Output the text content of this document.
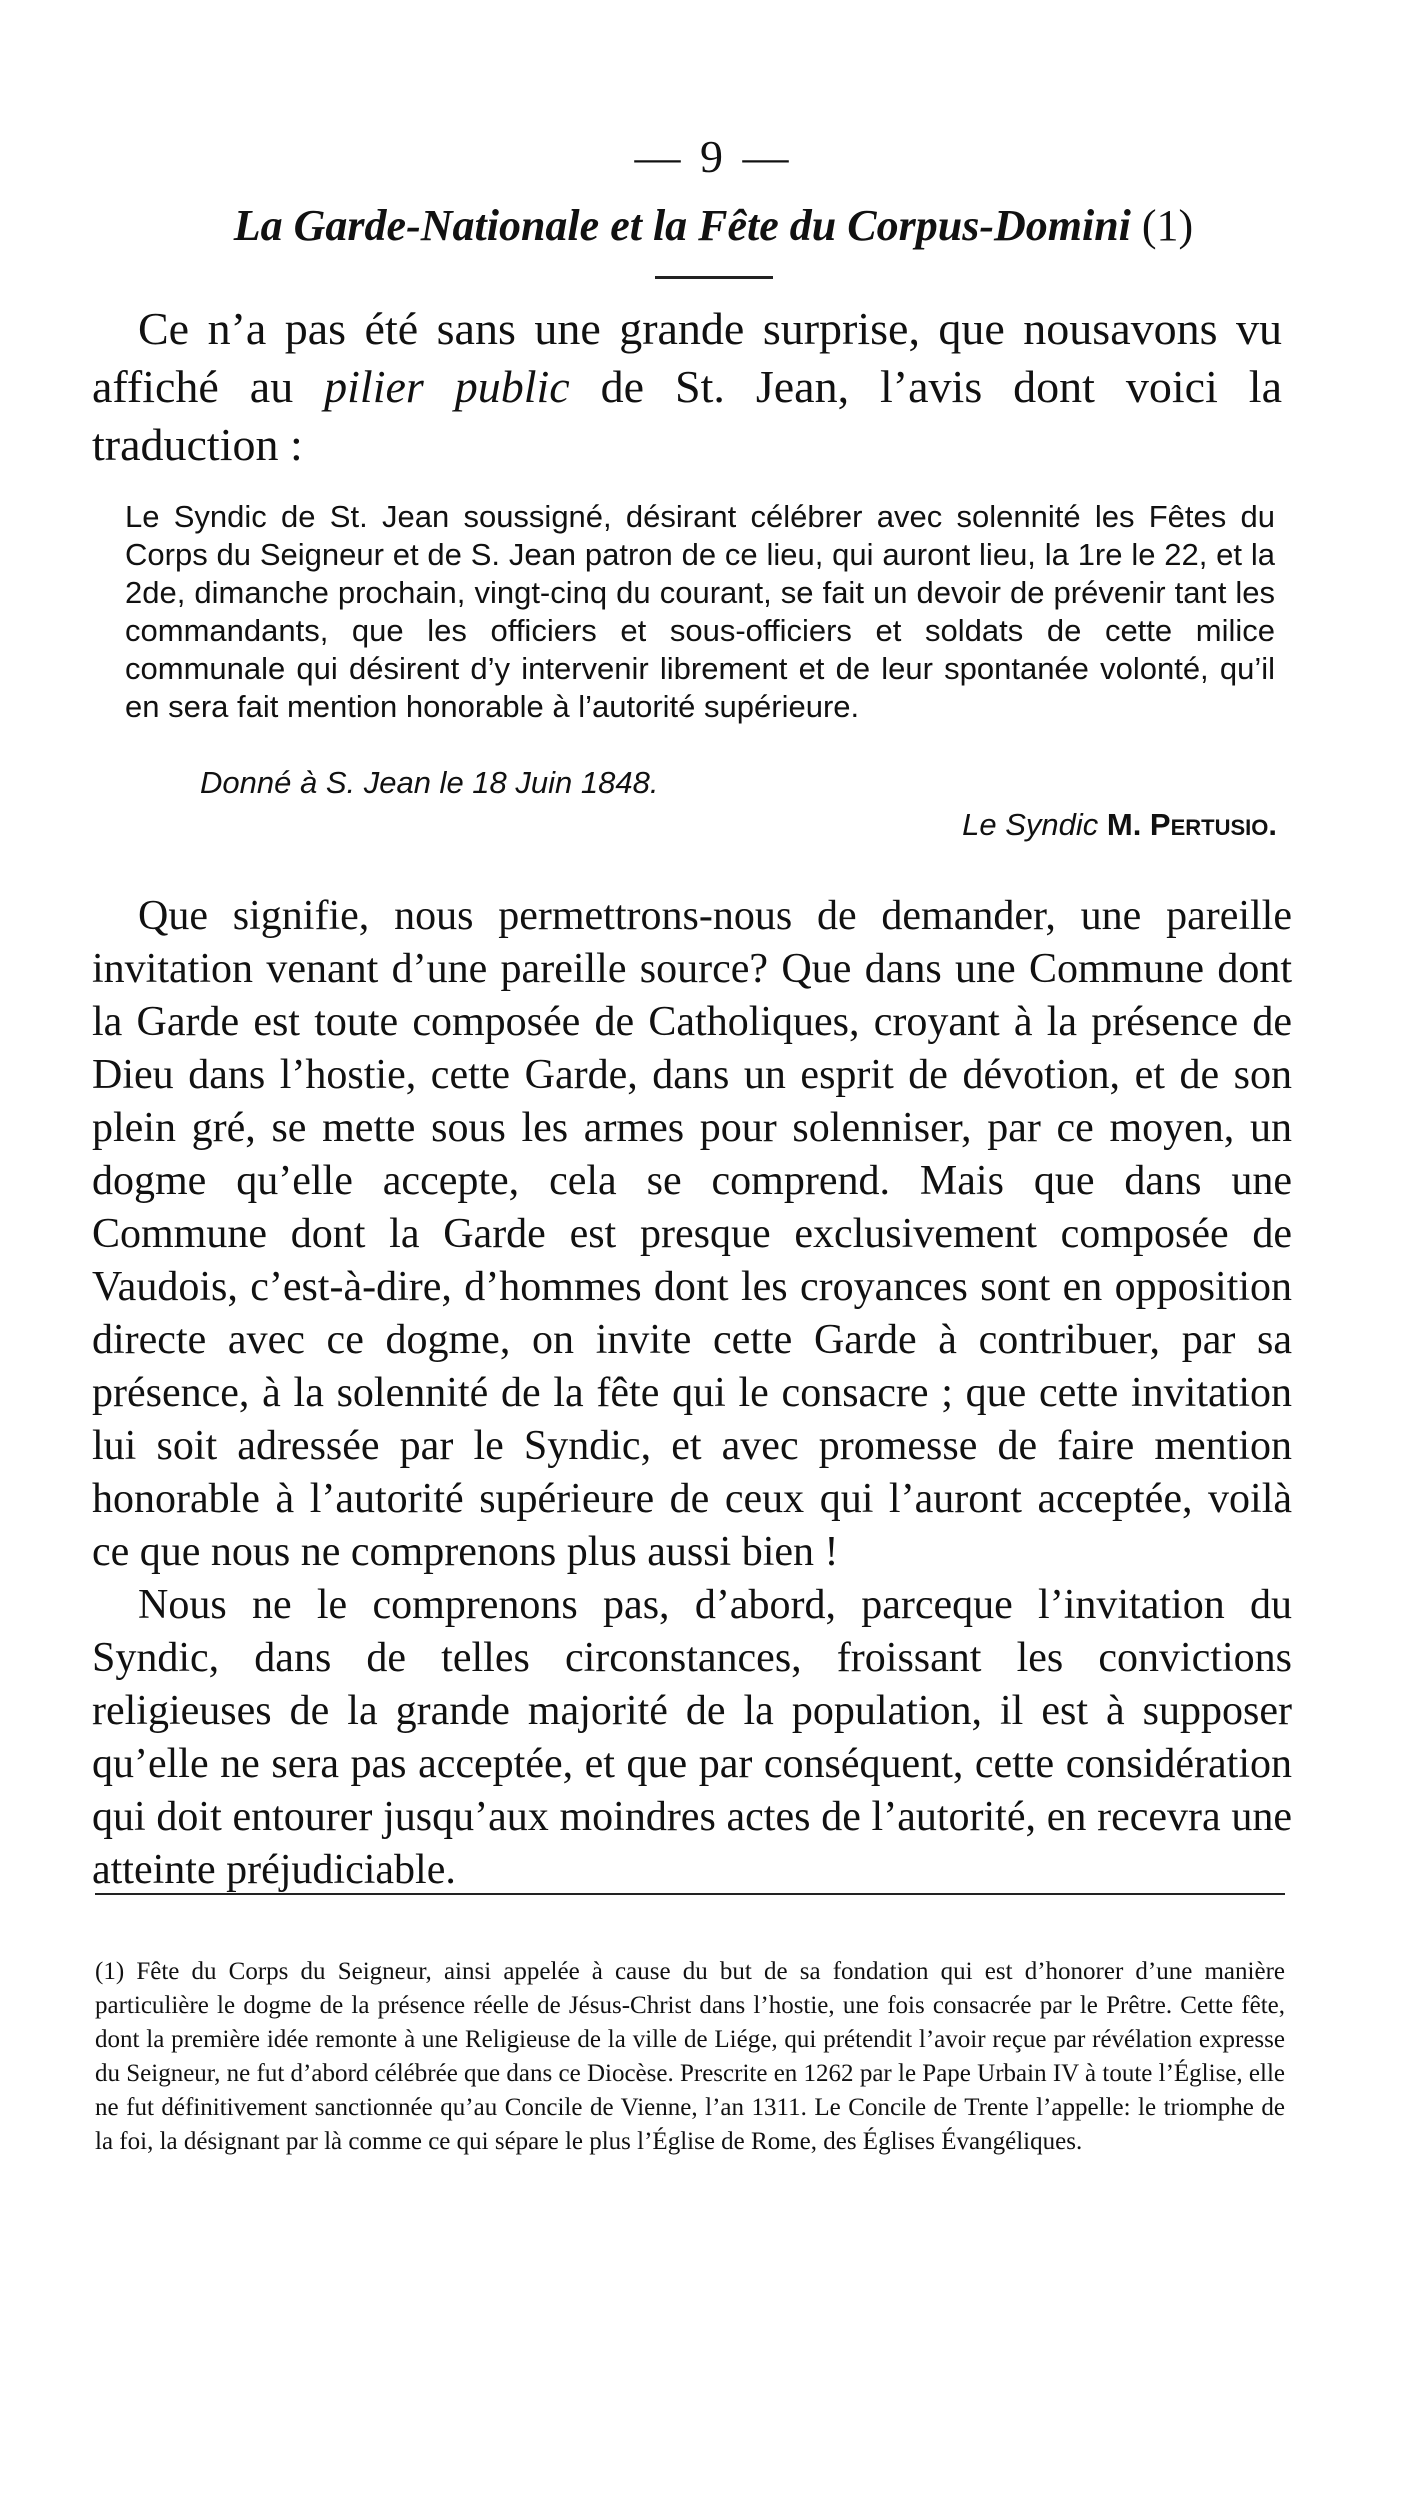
— 9 —
La Garde-Nationale et la Fête du Corpus-Domini (1)

Ce n’a pas été sans une grande surprise, que nousavons vu affiché au pilier public de St. Jean, l’avis dont voici la traduction :

Le Syndic de St. Jean soussigné, désirant célébrer avec solennité les Fêtes du Corps du Seigneur et de S. Jean patron de ce lieu, qui auront lieu, la 1re le 22, et la 2de, dimanche prochain, vingt-cinq du courant, se fait un devoir de prévenir tant les commandants, que les officiers et sous-officiers et soldats de cette milice communale qui désirent d’y intervenir librement et de leur spontanée volonté, qu’il en sera fait mention honorable à l’autorité supérieure.

Donné à S. Jean le 18 Juin 1848.
Le Syndic M. Pertusio.

Que signifie, nous permettrons-nous de demander, une pareille invitation venant d’une pareille source? Que dans une Commune dont la Garde est toute composée de Catholiques, croyant à la présence de Dieu dans l’hostie, cette Garde, dans un esprit de dévotion, et de son plein gré, se mette sous les armes pour solenniser, par ce moyen, un dogme qu’elle accepte, cela se comprend. Mais que dans une Commune dont la Garde est presque exclusivement composée de Vaudois, c’est-à-dire, d’hommes dont les croyances sont en opposition directe avec ce dogme, on invite cette Garde à contribuer, par sa présence, à la solennité de la fête qui le consacre ; que cette invitation lui soit adressée par le Syndic, et avec promesse de faire mention honorable à l’autorité supérieure de ceux qui l’auront acceptée, voilà ce que nous ne comprenons plus aussi bien !

Nous ne le comprenons pas, d’abord, parceque l’invitation du Syndic, dans de telles circonstances, froissant les convictions religieuses de la grande majorité de la population, il est à supposer qu’elle ne sera pas acceptée, et que par conséquent, cette considération qui doit entourer jusqu’aux moindres actes de l’autorité, en recevra une atteinte préjudiciable.

(1) Fête du Corps du Seigneur, ainsi appelée à cause du but de sa fondation qui est d’honorer d’une manière particulière le dogme de la présence réelle de Jésus-Christ dans l’hostie, une fois consacrée par le Prêtre. Cette fête, dont la première idée remonte à une Religieuse de la ville de Liége, qui prétendit l’avoir reçue par révélation expresse du Seigneur, ne fut d’abord célébrée que dans ce Diocèse. Prescrite en 1262 par le Pape Urbain IV à toute l’Église, elle ne fut définitivement sanctionnée qu’au Concile de Vienne, l’an 1311. Le Concile de Trente l’appelle: le triomphe de la foi, la désignant par là comme ce qui sépare le plus l’Église de Rome, des Églises Évangéliques.
